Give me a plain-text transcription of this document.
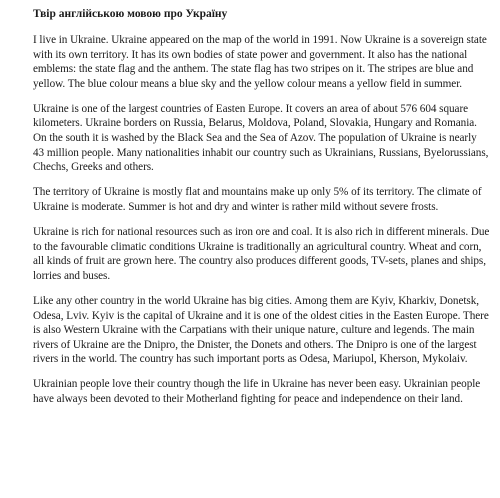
Твір англійською мовою про Україну

I live in Ukraine. Ukraine appeared on the map of the world in 1991. Now Ukraine is a sovereign state with its own territory. It has its own bodies of state power and government. It also has the national emblems: the state flag and the anthem. The state flag has two stripes on it. The stripes are blue and yellow. The blue colour means a blue sky and the yellow colour means a yellow field in summer.

Ukraine is one of the largest countries of Easten Europe. It covers an area of about 576 604 square kilometers. Ukraine borders on Russia, Belarus, Moldova, Poland, Slovakia, Hungary and Romania. On the south it is washed by the Black Sea and the Sea of Azov. The population of Ukraine is nearly 43 million people. Many nationalities inhabit our country such as Ukrainians, Russians, Byelorussians, Chechs, Greeks and others.

The territory of Ukraine is mostly flat and mountains make up only 5% of its territory. The climate of Ukraine is moderate. Summer is hot and dry and winter is rather mild without severe frosts.

Ukraine is rich for national resources such as iron ore and coal. It is also rich in different minerals. Due to the favourable climatic conditions Ukraine is traditionally an agricultural country. Wheat and corn, all kinds of fruit are grown here. The country also produces different goods, TV-sets, planes and ships, lorries and buses.

Like any other country in the world Ukraine has big cities. Among them are Kyiv, Kharkiv, Donetsk, Odesa, Lviv. Kyiv is the capital of Ukraine and it is one of the oldest cities in the Easten Europe. There is also Western Ukraine with the Carpatians with their unique nature, culture and legends. The main rivers of Ukraine are the Dnipro, the Dnister, the Donets and others. The Dnipro is one of the largest rivers in the world. The country has such important ports as Odesa, Mariupol, Kherson, Mykolaiv.

Ukrainian people love their country though the life in Ukraine has never been easy. Ukrainian people have always been devoted to their Motherland fighting for peace and independence on their land.
